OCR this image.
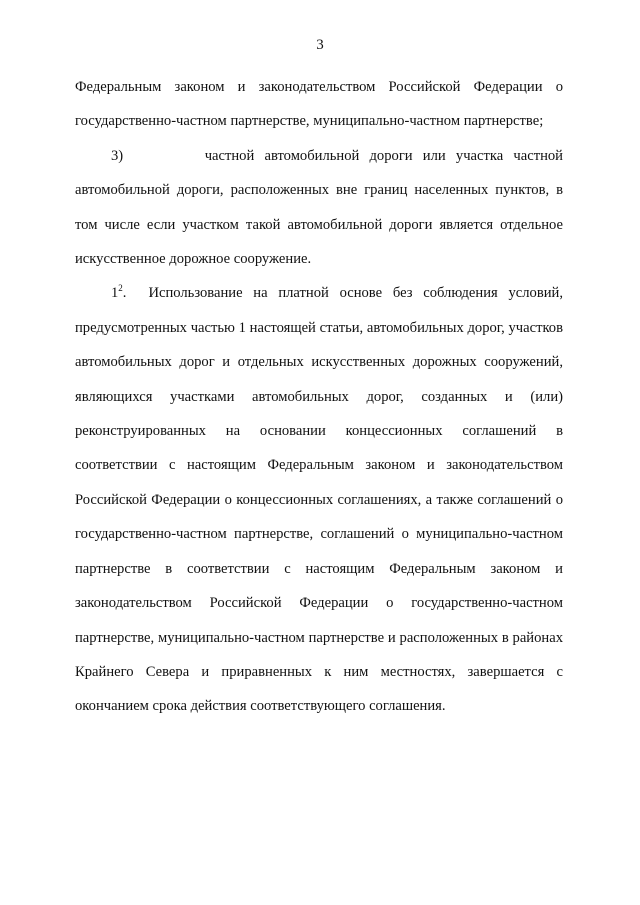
3

Федеральным законом и законодательством Российской Федерации о государственно-частном партнерстве, муниципально-частном партнерстве;

3)	частной автомобильной дороги или участка частной автомобильной дороги, расположенных вне границ населенных пунктов, в том числе если участком такой автомобильной дороги является отдельное искусственное дорожное сооружение.

$1^2$. Использование на платной основе без соблюдения условий, предусмотренных частью 1 настоящей статьи, автомобильных дорог, участков автомобильных дорог и отдельных искусственных дорожных сооружений, являющихся участками автомобильных дорог, созданных и (или) реконструированных на основании концессионных соглашений в соответствии с настоящим Федеральным законом и законодательством Российской Федерации о концессионных соглашениях, а также соглашений о государственно-частном партнерстве, соглашений о муниципально-частном партнерстве в соответствии с настоящим Федеральным законом и законодательством Российской Федерации о государственно-частном партнерстве, муниципально-частном партнерстве и расположенных в районах Крайнего Севера и приравненных к ним местностях, завершается с окончанием срока действия соответствующего соглашения.
